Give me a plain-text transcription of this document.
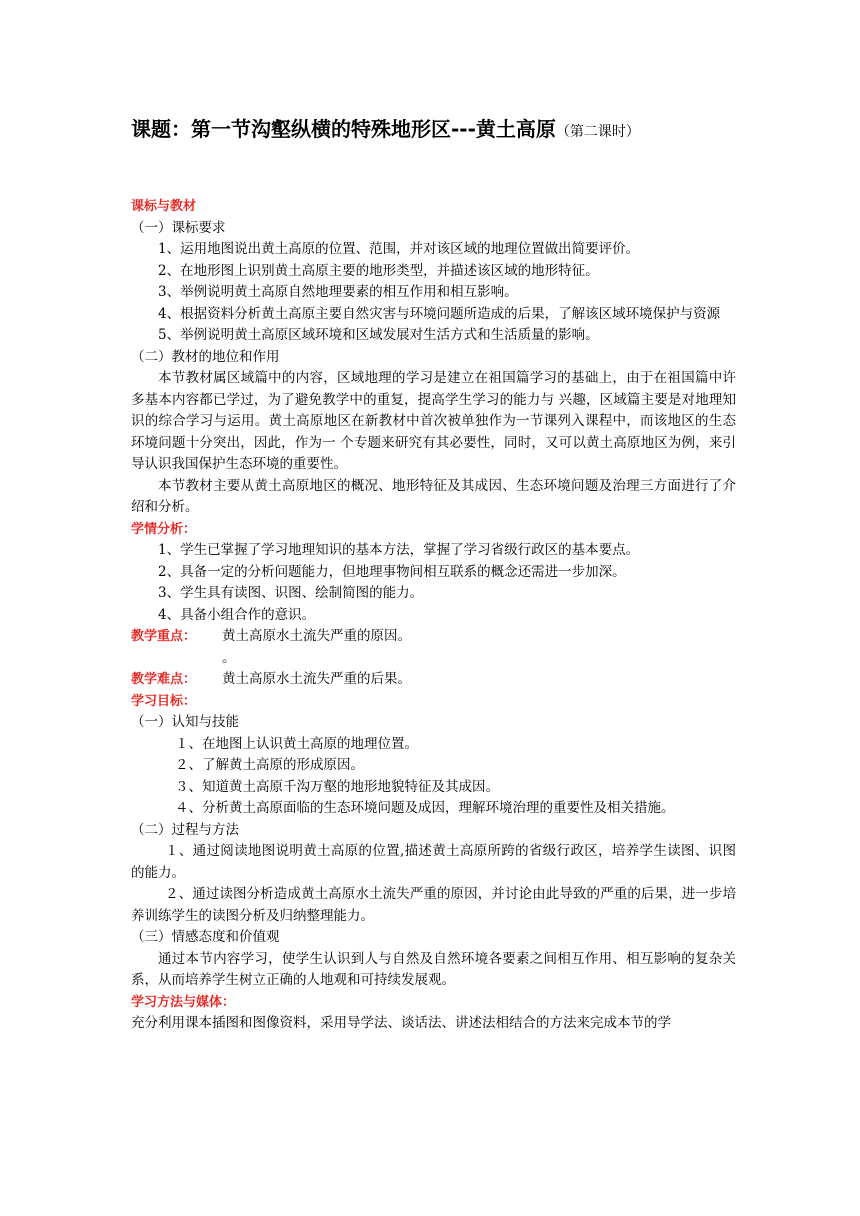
课题：第一节沟壑纵横的特殊地形区---黄土高原（第二课时）

课标与教材

（一）课标要求

1、运用地图说出黄土高原的位置、范围，并对该区域的地理位置做出简要评价。

2、在地形图上识别黄土高原主要的地形类型，并描述该区域的地形特征。

3、举例说明黄土高原自然地理要素的相互作用和相互影响。

4、根据资料分析黄土高原主要自然灾害与环境问题所造成的后果，了解该区域环境保护与资源

5、举例说明黄土高原区域环境和区域发展对生活方式和生活质量的影响。

（二）教材的地位和作用

本节教材属区域篇中的内容，区域地理的学习是建立在祖国篇学习的基础上，由于在祖国篇中许多基本内容都已学过，为了避免教学中的重复，提高学生学习的能力与 兴趣，区域篇主要是对地理知识的综合学习与运用。黄土高原地区在新教材中首次被单独作为一节课列入课程中，而该地区的生态环境问题十分突出，因此，作为一 个专题来研究有其必要性，同时，又可以黄土高原地区为例，来引导认识我国保护生态环境的重要性。

本节教材主要从黄土高原地区的概况、地形特征及其成因、生态环境问题及治理三方面进行了介绍和分析。

学情分析：

1、学生已掌握了学习地理知识的基本方法，掌握了学习省级行政区的基本要点。

2、具备一定的分析问题能力，但地理事物间相互联系的概念还需进一步加深。

3、学生具有读图、识图、绘制简图的能力。

4、具备小组合作的意识。

教学重点：	黄土高原水土流失严重的原因。

。

教学难点：	黄土高原水土流失严重的后果。

学习目标：

（一）认知与技能

１、在地图上认识黄土高原的地理位置。

２、了解黄土高原的形成原因。

３、知道黄土高原千沟万壑的地形地貌特征及其成因。

４、分析黄土高原面临的生态环境问题及成因，理解环境治理的重要性及相关措施。

（二）过程与方法

１、通过阅读地图说明黄土高原的位置,描述黄土高原所跨的省级行政区，培养学生读图、识图的能力。

２、通过读图分析造成黄土高原水土流失严重的原因，并讨论由此导致的严重的后果，进一步培养训练学生的读图分析及归纳整理能力。

（三）情感态度和价值观

通过本节内容学习，使学生认识到人与自然及自然环境各要素之间相互作用、相互影响的复杂关系，从而培养学生树立正确的人地观和可持续发展观。

学习方法与媒体：

充分利用课本插图和图像资料，采用导学法、谈话法、讲述法相结合的方法来完成本节的学
